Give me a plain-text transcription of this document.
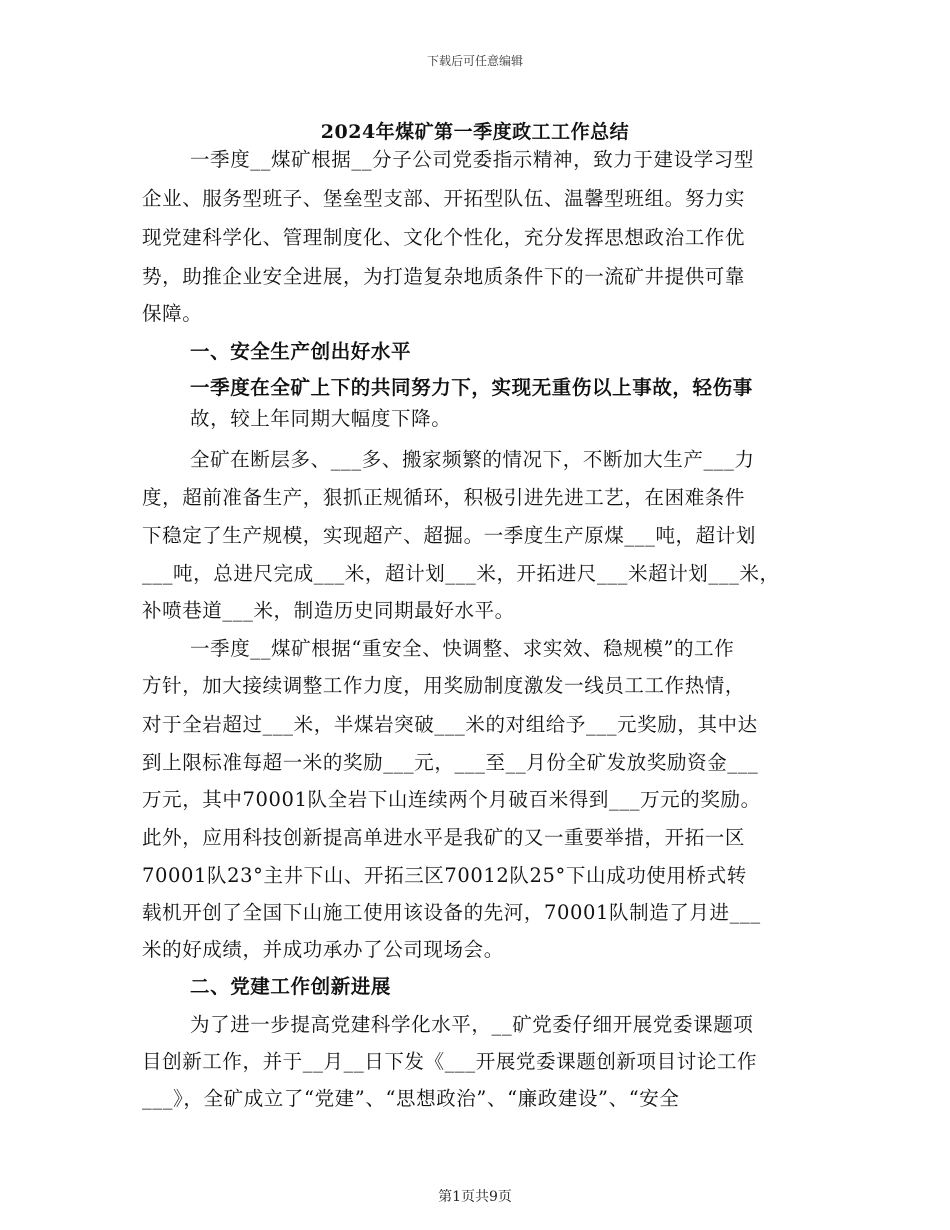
下载后可任意编辑
2024年煤矿第一季度政工工作总结
一季度__煤矿根据__分子公司党委指示精神，致力于建设学习型
企业、服务型班子、堡垒型支部、开拓型队伍、温馨型班组。努力实
现党建科学化、管理制度化、文化个性化，充分发挥思想政治工作优
势，助推企业安全进展，为打造复杂地质条件下的一流矿井提供可靠
保障。
一、安全生产创出好水平
一季度在全矿上下的共同努力下，实现无重伤以上事故，轻伤事
故，较上年同期大幅度下降。
全矿在断层多、___多、搬家频繁的情况下，不断加大生产___力
度，超前准备生产，狠抓正规循环，积极引进先进工艺，在困难条件
下稳定了生产规模，实现超产、超掘。一季度生产原煤___吨，超计划
___吨，总进尺完成___米，超计划___米，开拓进尺___米超计划___米，
补喷巷道___米，制造历史同期最好水平。
一季度__煤矿根据“重安全、快调整、求实效、稳规模”的工作
方针，加大接续调整工作力度，用奖励制度激发一线员工工作热情，
对于全岩超过___米，半煤岩突破___米的对组给予___元奖励，其中达
到上限标准每超一米的奖励___元，___至__月份全矿发放奖励资金___
万元，其中70001队全岩下山连续两个月破百米得到___万元的奖励。
此外，应用科技创新提高单进水平是我矿的又一重要举措，开拓一区
70001队23°主井下山、开拓三区70012队25°下山成功使用桥式转
载机开创了全国下山施工使用该设备的先河，70001队制造了月进___
米的好成绩，并成功承办了公司现场会。
二、党建工作创新进展
为了进一步提高党建科学化水平，__矿党委仔细开展党委课题项
目创新工作，并于__月__日下发《___开展党委课题创新项目讨论工作
___》，全矿成立了“党建”、“思想政治”、“廉政建设”、“安全
第1页共9页
